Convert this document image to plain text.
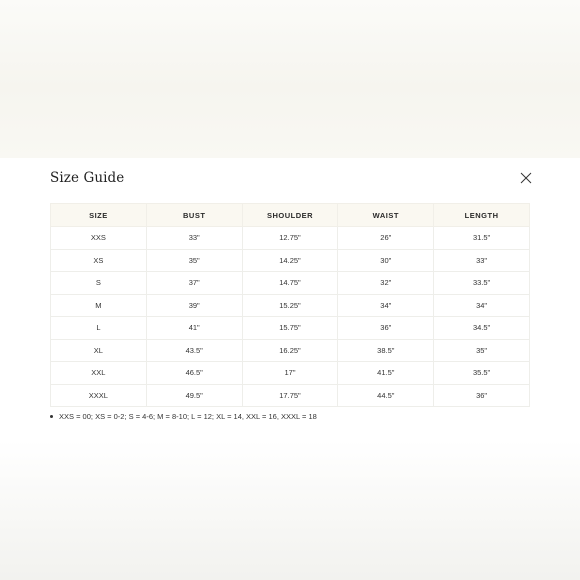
Size Guide
SIZE	BUST	SHOULDER	WAIST	LENGTH
XXS	33"	12.75"	26"	31.5"
XS	35"	14.25"	30"	33"
S	37"	14.75"	32"	33.5"
M	39"	15.25"	34"	34"
L	41"	15.75"	36"	34.5"
XL	43.5"	16.25"	38.5"	35"
XXL	46.5"	17"	41.5"	35.5"
XXXL	49.5"	17.75"	44.5"	36"
XXS = 00; XS = 0-2; S = 4-6; M = 8-10; L = 12; XL = 14, XXL = 16, XXXL = 18
